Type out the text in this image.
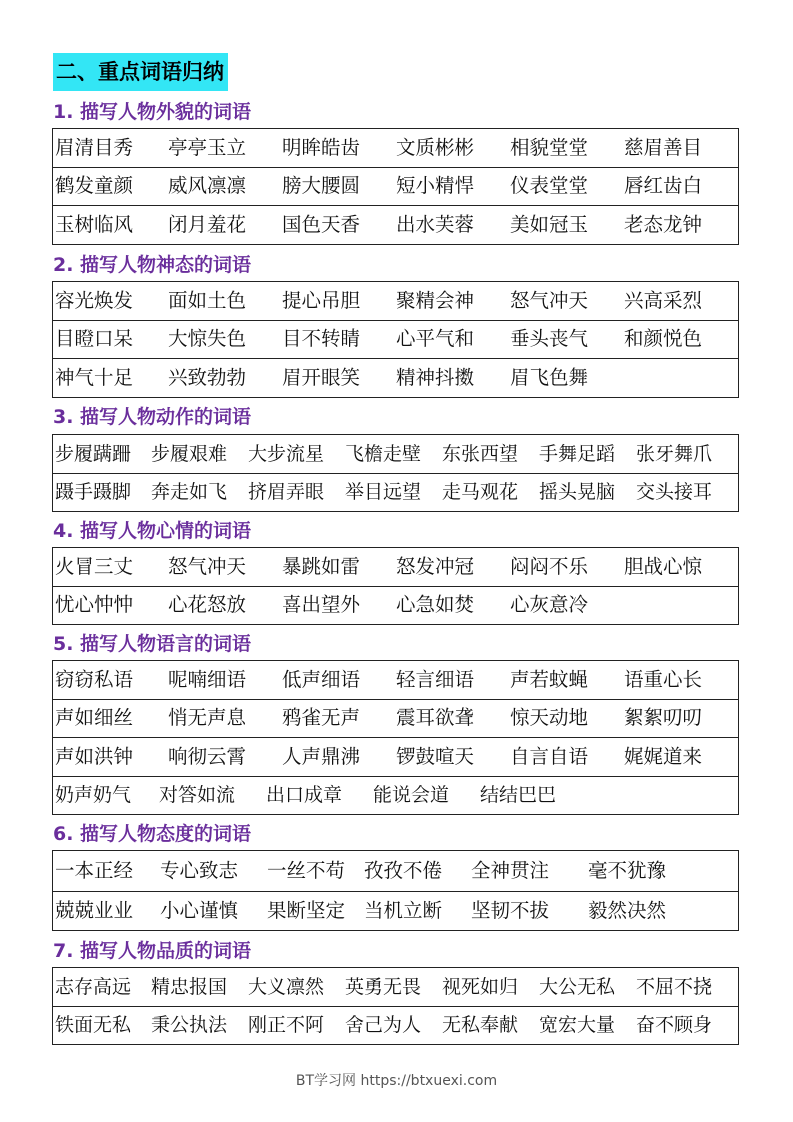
二、重点词语归纳
1. 描写人物外貌的词语
眉清目秀	亭亭玉立	明眸皓齿	文质彬彬	相貌堂堂	慈眉善目
鹤发童颜	威风凛凛	膀大腰圆	短小精悍	仪表堂堂	唇红齿白
玉树临风	闭月羞花	国色天香	出水芙蓉	美如冠玉	老态龙钟
2. 描写人物神态的词语
容光焕发	面如土色	提心吊胆	聚精会神	怒气冲天	兴高采烈
目瞪口呆	大惊失色	目不转睛	心平气和	垂头丧气	和颜悦色
神气十足	兴致勃勃	眉开眼笑	精神抖擞	眉飞色舞
3. 描写人物动作的词语
步履蹒跚	步履艰难	大步流星	飞檐走壁	东张西望	手舞足蹈	张牙舞爪
蹑手蹑脚	奔走如飞	挤眉弄眼	举目远望	走马观花	摇头晃脑	交头接耳
4. 描写人物心情的词语
火冒三丈	怒气冲天	暴跳如雷	怒发冲冠	闷闷不乐	胆战心惊
忧心忡忡	心花怒放	喜出望外	心急如焚	心灰意冷
5. 描写人物语言的词语
窃窃私语	呢喃细语	低声细语	轻言细语	声若蚊蝇	语重心长
声如细丝	悄无声息	鸦雀无声	震耳欲聋	惊天动地	絮絮叨叨
声如洪钟	响彻云霄	人声鼎沸	锣鼓喧天	自言自语	娓娓道来
奶声奶气	对答如流	出口成章	能说会道	结结巴巴
6. 描写人物态度的词语
一本正经	专心致志	一丝不苟 孜孜不倦	全神贯注	毫不犹豫
兢兢业业	小心谨慎	果断坚定 当机立断	坚韧不拔	毅然决然
7. 描写人物品质的词语
志存高远	精忠报国	大义凛然	英勇无畏	视死如归	大公无私	不屈不挠
铁面无私	秉公执法	刚正不阿	舍己为人	无私奉献	宽宏大量	奋不顾身
BT学习网 https://btxuexi.com
